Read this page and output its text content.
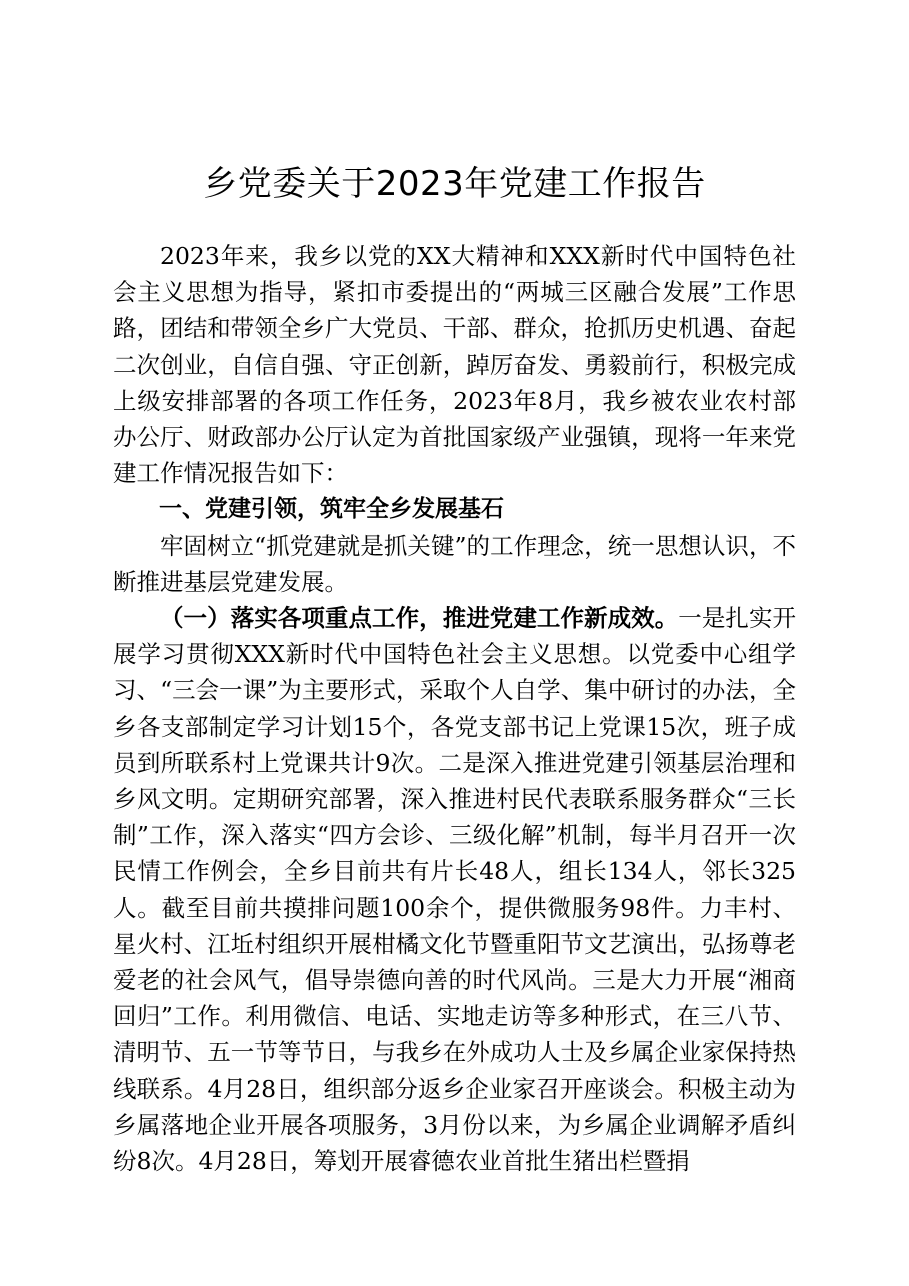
乡党委关于2023年党建工作报告

2023年来，我乡以党的XX大精神和XXX新时代中国特色社会主义思想为指导，紧扣市委提出的“两城三区融合发展”工作思路，团结和带领全乡广大党员、干部、群众，抢抓历史机遇、奋起二次创业，自信自强、守正创新，踔厉奋发、勇毅前行，积极完成上级安排部署的各项工作任务，2023年8月，我乡被农业农村部办公厅、财政部办公厅认定为首批国家级产业强镇，现将一年来党建工作情况报告如下：

一、党建引领，筑牢全乡发展基石

牢固树立“抓党建就是抓关键”的工作理念，统一思想认识，不断推进基层党建发展。

（一）落实各项重点工作，推进党建工作新成效。一是扎实开展学习贯彻XXX新时代中国特色社会主义思想。以党委中心组学习、“三会一课”为主要形式，采取个人自学、集中研讨的办法，全乡各支部制定学习计划15个，各党支部书记上党课15次，班子成员到所联系村上党课共计9次。二是深入推进党建引领基层治理和乡风文明。定期研究部署，深入推进村民代表联系服务群众“三长制”工作，深入落实“四方会诊、三级化解”机制，每半月召开一次民情工作例会，全乡目前共有片长48人，组长134人，邻长325人。截至目前共摸排问题100余个，提供微服务98件。力丰村、星火村、江坵村组织开展柑橘文化节暨重阳节文艺演出，弘扬尊老爱老的社会风气，倡导崇德向善的时代风尚。三是大力开展“湘商回归”工作。利用微信、电话、实地走访等多种形式，在三八节、清明节、五一节等节日，与我乡在外成功人士及乡属企业家保持热线联系。4月28日，组织部分返乡企业家召开座谈会。积极主动为乡属落地企业开展各项服务，3月份以来，为乡属企业调解矛盾纠纷8次。4月28日，筹划开展睿德农业首批生猪出栏暨捐
